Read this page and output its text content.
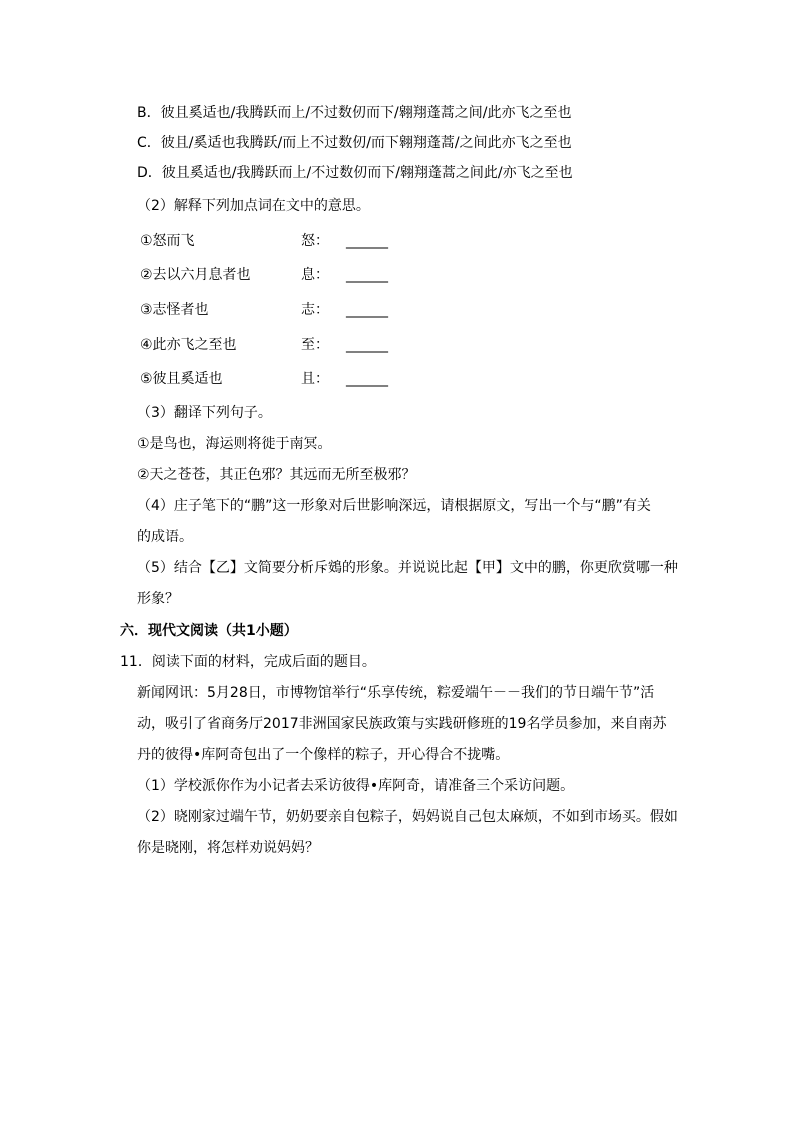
B．彼且奚适也/我腾跃而上/不过数仞而下/翱翔蓬蒿之间/此亦飞之至也
C．彼且/奚适也我腾跃/而上不过数仞/而下翱翔蓬蒿/之间此亦飞之至也
D．彼且奚适也/我腾跃而上/不过数仞而下/翱翔蓬蒿之间此/亦飞之至也
（2）解释下列加点词在文中的意思。
①怒而飞	怒： ______
②去以六月息者也	息： ______
③志怪者也	志： ______
④此亦飞之至也	至： ______
⑤彼且奚适也	且： ______
（3）翻译下列句子。
①是鸟也，海运则将徙于南冥。
②天之苍苍，其正色邪？其远而无所至极邪？
（4）庄子笔下的“鹏”这一形象对后世影响深远，请根据原文，写出一个与“鹏”有关
的成语。
（5）结合【乙】文简要分析斥鴳的形象。并说说比起【甲】文中的鹏，你更欣赏哪一种
形象？
六．现代文阅读（共1小题）
11．阅读下面的材料，完成后面的题目。
新闻网讯：5月28日，市博物馆举行“乐享传统，粽爱端午－－我们的节日端午节”活
动，吸引了省商务厅2017非洲国家民族政策与实践研修班的19名学员参加，来自南苏
丹的彼得•库阿奇包出了一个像样的粽子，开心得合不拢嘴。
（1）学校派你作为小记者去采访彼得•库阿奇，请准备三个采访问题。
（2）晓刚家过端午节，奶奶要亲自包粽子，妈妈说自己包太麻烦，不如到市场买。假如
你是晓刚，将怎样劝说妈妈？
